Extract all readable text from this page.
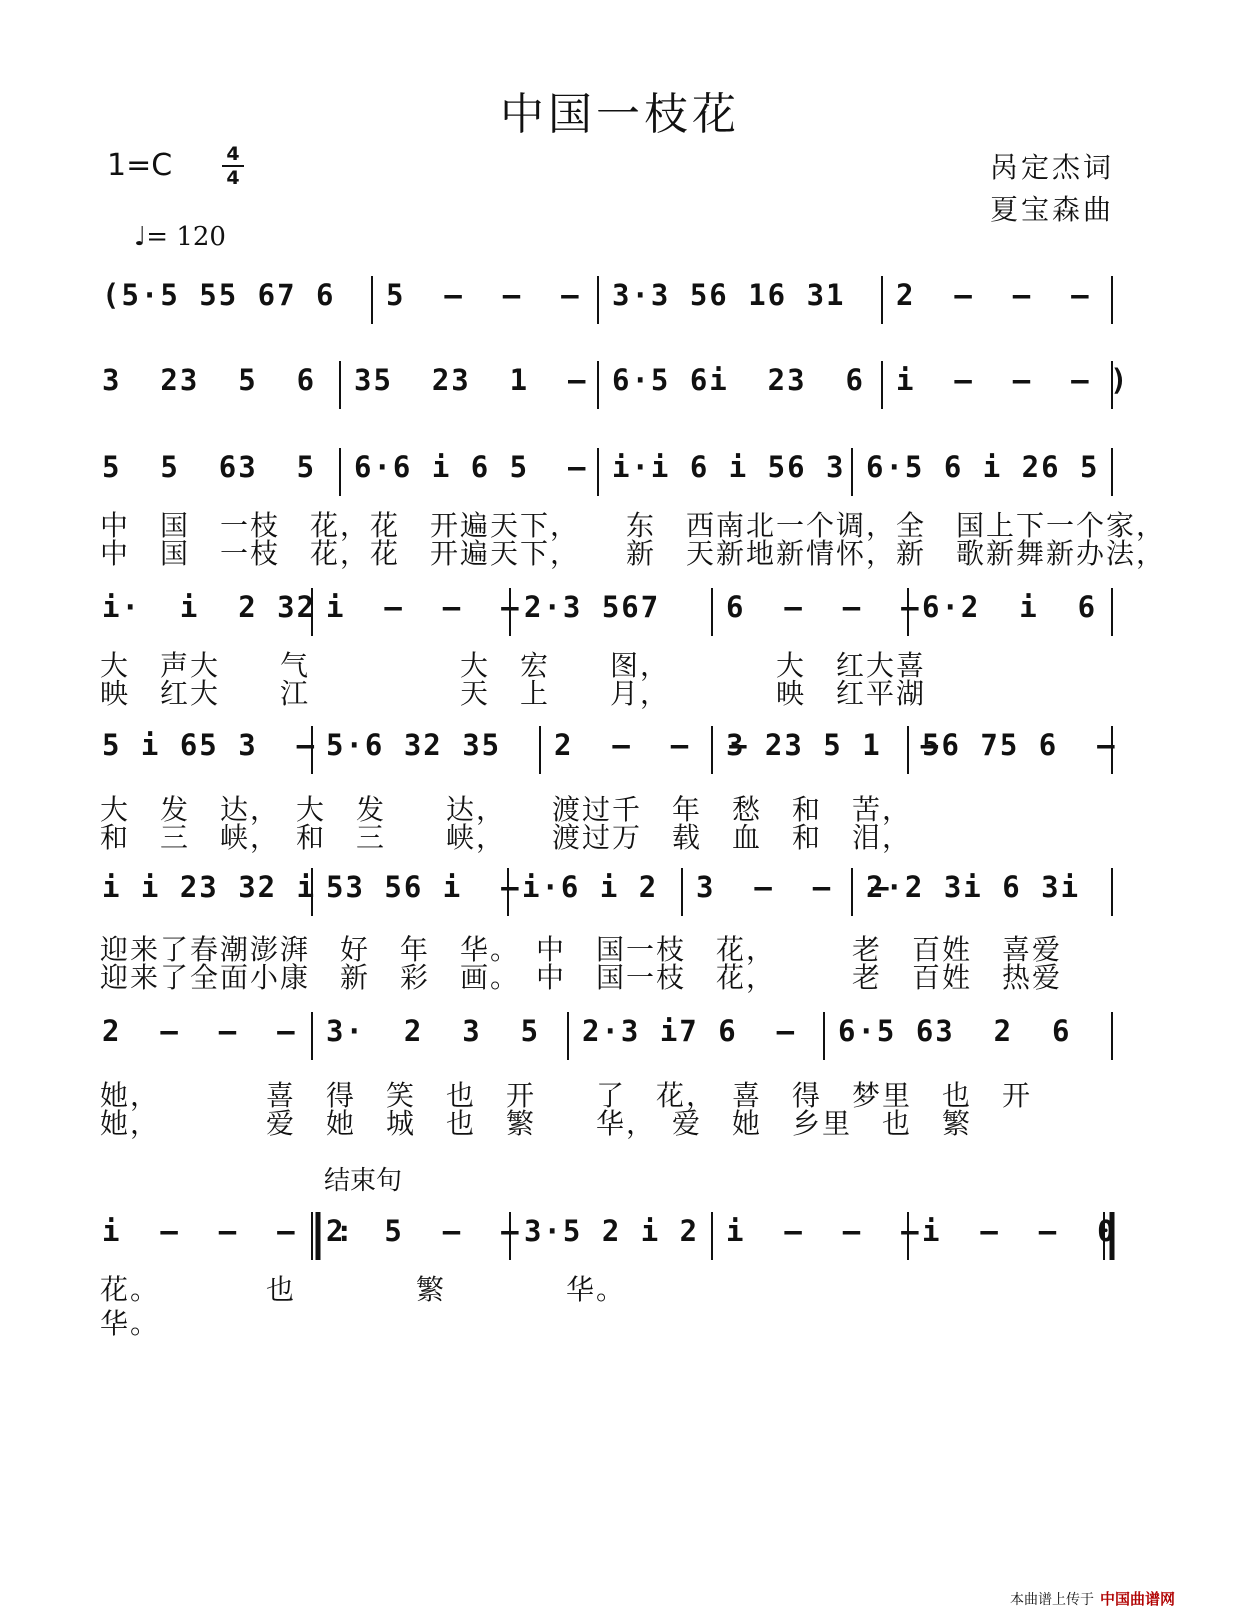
中国一枝花
1=C	4
4
♩= 120
呙定杰词
夏宝森曲
结束句
(5·5 55 67 6 5  —  —  — 3·3 56 16 31 2  —  —  —
3  23  5  6 35  23  1  — 6·5 6i  23  6 i  —  —  — )
5  5  63  5 6·6 i 6 5  — i·i 6 i 56 3 6·5 6 i 26 5
i·  i  2 32 i  —  —  — 2·3 567 6  —  —  — 6·2  i  6
5 i 65 3  — 5·6 32 35 2  —  —  —
3 23 5 1  —
56 75 6  —
i i 23 32 i 53 56 i  — i·6 i 2 3  —  —  —
2·2 3i 6 3i
2  —  —  — 3·  2  3  5 2·3 i7 6  — 6·5 63  2  6
i  —  —  —  :
2  5  —  — 3·5 2 i 2 i  —  —  — i  —  —  0
中　国　一枝　花，花　开遍天下，　　东　西南北一个调，全　国上下一个家，
中　国　一枝　花，花　开遍天下，　　新　天新地新情怀，新　歌新舞新办法，
大　声大　　气　　　　　大　宏　　图，　　　　大　红大喜
映　红大　　江　　　　　天　上　　月，　　　　映　红平湖
大　发　达，　大　发　　达，　　渡过千　年　愁　和　苦，
和　三　峡，　和　三　　峡，　　渡过万　载　血　和　泪，
迎来了春潮澎湃　好　年　华。　中　国一枝　花，　　　老　百姓　喜爱
迎来了全面小康　新　彩　画。　中　国一枝　花，　　　老　百姓　热爱
她，　　　　喜　得　笑　也　开　　了　花，　喜　得　梦里　也　开
她，　　　　爱　她　城　也　繁　　华，　爱　她　乡里　也　繁
花。　　　　也　　　　繁　　　　华。
华。
本曲谱上传于 中国曲谱网
